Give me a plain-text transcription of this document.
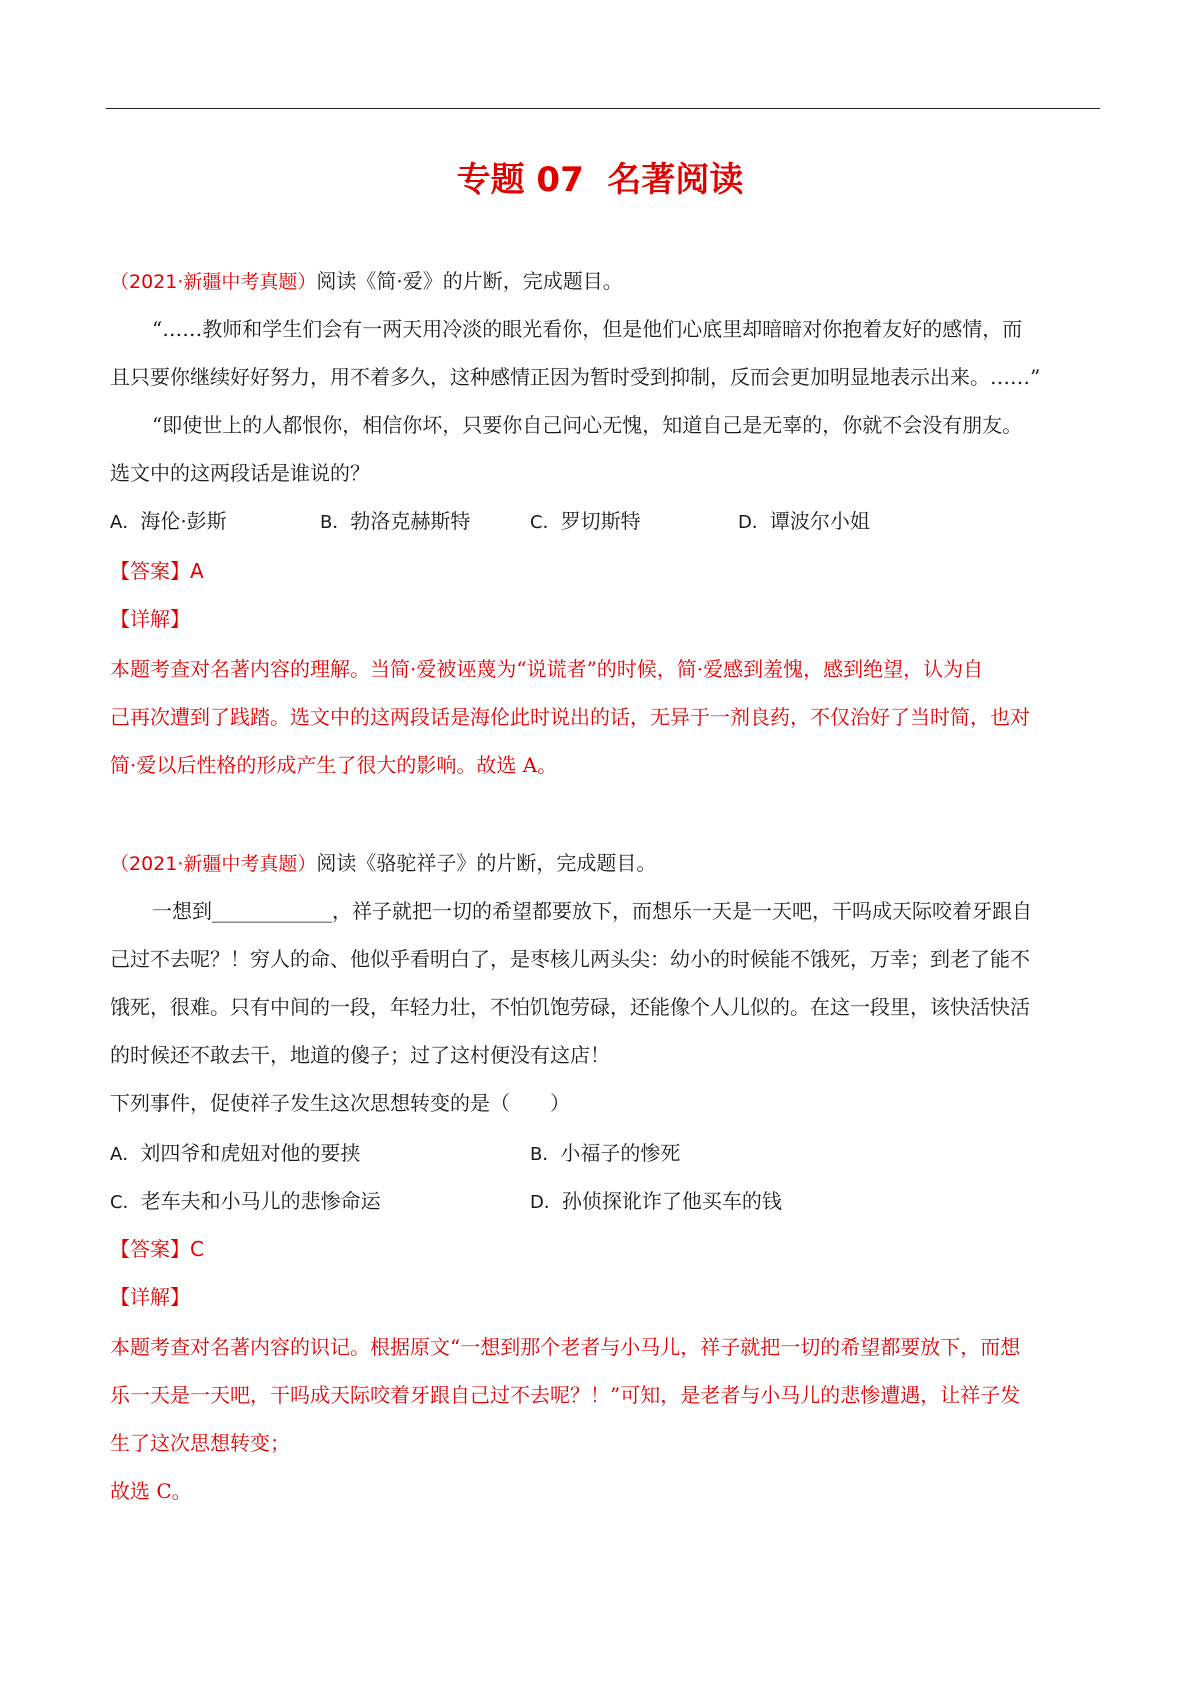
专题 07  名著阅读
（2021·新疆中考真题）阅读《简·爱》的片断，完成题目。
“……教师和学生们会有一两天用冷淡的眼光看你，但是他们心底里却暗暗对你抱着友好的感情，而
且只要你继续好好努力，用不着多久，这种感情正因为暂时受到抑制，反而会更加明显地表示出来。……”
“即使世上的人都恨你，相信你坏，只要你自己问心无愧，知道自己是无辜的，你就不会没有朋友。
选文中的这两段话是谁说的？
A．海伦·彭斯	B．勃洛克赫斯特	C．罗切斯特	D．谭波尔小姐
【答案】A
【详解】
本题考查对名著内容的理解。当简·爱被诬蔑为“说谎者”的时候，简·爱感到羞愧，感到绝望，认为自
己再次遭到了践踏。选文中的这两段话是海伦此时说出的话，无异于一剂良药，不仅治好了当时简，也对
简·爱以后性格的形成产生了很大的影响。故选 A。
（2021·新疆中考真题）阅读《骆驼祥子》的片断，完成题目。
一想到____________，祥子就把一切的希望都要放下，而想乐一天是一天吧，干吗成天际咬着牙跟自
己过不去呢？！穷人的命、他似乎看明白了，是枣核儿两头尖：幼小的时候能不饿死，万幸；到老了能不
饿死，很难。只有中间的一段，年轻力壮，不怕饥饱劳碌，还能像个人儿似的。在这一段里，该快活快活
的时候还不敢去干，地道的傻子；过了这村便没有这店！
下列事件，促使祥子发生这次思想转变的是（　　）
A．刘四爷和虎妞对他的要挟	B．小福子的惨死
C．老车夫和小马儿的悲惨命运	D．孙侦探讹诈了他买车的钱
【答案】C
【详解】
本题考查对名著内容的识记。根据原文“一想到那个老者与小马儿，祥子就把一切的希望都要放下，而想
乐一天是一天吧，干吗成天际咬着牙跟自己过不去呢？！”可知，是老者与小马儿的悲惨遭遇，让祥子发
生了这次思想转变；
故选 C。
